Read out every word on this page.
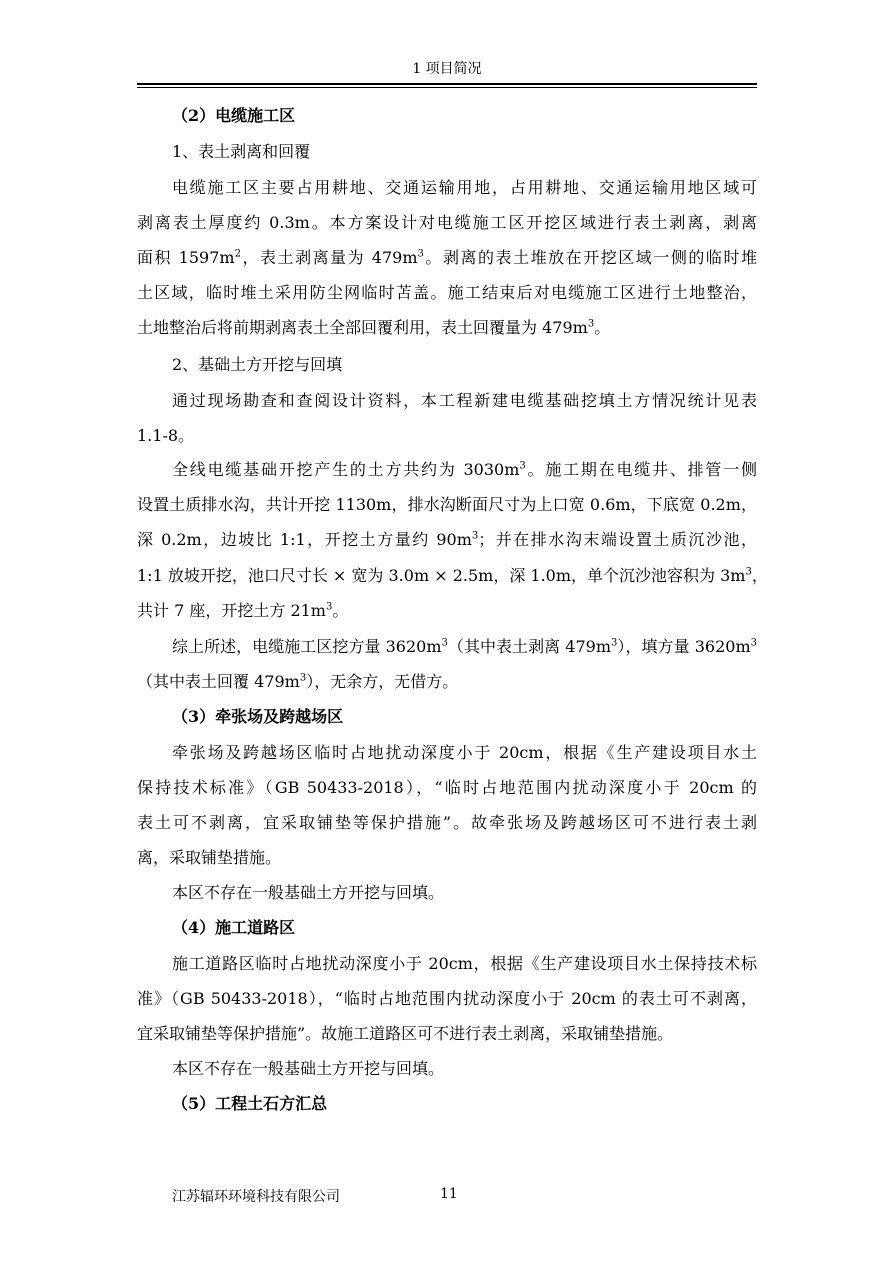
1 项目简况
（2）电缆施工区
1、表土剥离和回覆
电缆施工区主要占用耕地、交通运输用地，占用耕地、交通运输用地区域可
剥离表土厚度约 0.3m。本方案设计对电缆施工区开挖区域进行表土剥离，剥离
面积 $1597m^2$，表土剥离量为 $479m^3$。剥离的表土堆放在开挖区域一侧的临时堆
土区域，临时堆土采用防尘网临时苫盖。施工结束后对电缆施工区进行土地整治，
土地整治后将前期剥离表土全部回覆利用，表土回覆量为 $479m^3$。
2、基础土方开挖与回填
通过现场勘查和查阅设计资料，本工程新建电缆基础挖填土方情况统计见表
1.1-8。
全线电缆基础开挖产生的土方共约为 $3030m^3$。施工期在电缆井、排管一侧
设置土质排水沟，共计开挖 1130m，排水沟断面尺寸为上口宽 0.6m，下底宽 0.2m，
深 0.2m，边坡比 1:1，开挖土方量约 $90m^3$；并在排水沟末端设置土质沉沙池，
1:1 放坡开挖，池口尺寸长 × 宽为 3.0m × 2.5m，深 1.0m，单个沉沙池容积为 $3m^3$，
共计 7 座，开挖土方 $21m^3$。
综上所述，电缆施工区挖方量 $3620m^3$（其中表土剥离 $479m^3$），填方量 $3620m^3$
（其中表土回覆 $479m^3$），无余方，无借方。
（3）牵张场及跨越场区
牵张场及跨越场区临时占地扰动深度小于 20cm，根据《生产建设项目水土
保持技术标准》（GB 50433-2018），“临时占地范围内扰动深度小于 20cm 的
表土可不剥离，宜采取铺垫等保护措施”。故牵张场及跨越场区可不进行表土剥
离，采取铺垫措施。
本区不存在一般基础土方开挖与回填。
（4）施工道路区
施工道路区临时占地扰动深度小于 20cm，根据《生产建设项目水土保持技术标
准》（GB 50433-2018），“临时占地范围内扰动深度小于 20cm 的表土可不剥离，
宜采取铺垫等保护措施”。故施工道路区可不进行表土剥离，采取铺垫措施。
本区不存在一般基础土方开挖与回填。
（5）工程土石方汇总
江苏辐环环境科技有限公司	11
